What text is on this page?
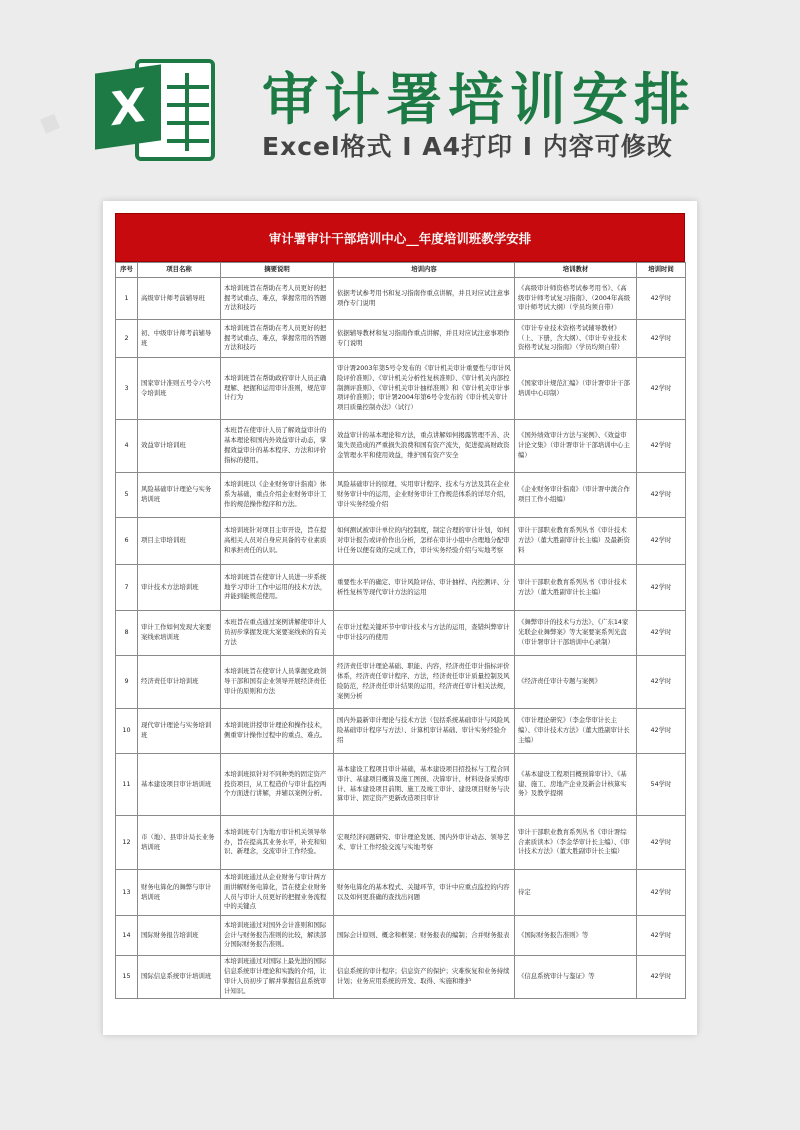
■	X 审计署培训安排
Excel格式 I A4打印 I 内容可修改
审计署审计干部培训中心__年度培训班教学安排
序号	项目名称	摘要说明	培训内容	培训教材	培训时间
1	高级审计师考前辅导班	本培训班旨在帮助在考人员更好的把握考试重点、难点，掌握常用的答题方法和技巧	依据考试参考用书和复习指南作重点讲解，并且对应试注意事项作专门说明	《高级审计师资格考试参考用书》、《高级审计师考试复习指南》、（2004年高级审计师考试大纲）（学员均须自带）	42学时
2	初、中级审计师考前辅导班	本培训班旨在帮助在考人员更好的把握考试重点、难点，掌握常用的答题方法和技巧	依据辅导教材和复习指南作重点讲解，并且对应试注意事项作专门说明	《审计专业技术资格考试辅导教材》（上、下册，含大纲）、《审计专业技术资格考试复习指南》（学员均须自带）	42学时
3	国家审计准则五号令六号令培训班	本培训班旨在帮助政府审计人员正确理解、把握和运用审计准则，规范审计行为	审计署2003年第5号令发布的《审计机关审计重要性与审计风险评价准则》、《审计机关分析性复核准则》、《审计机关内部控制测评准则》、《审计机关审计抽样准则》和《审计机关审计事项评价准则》；审计署2004年第6号令发布的《审计机关审计项目质量控制办法》（试行）	《国家审计规范汇编》（审计署审计干部培训中心印制）	42学时
4	效益审计培训班	本班旨在使审计人员了解效益审计的基本理论和国内外效益审计动态，掌握效益审计的基本程序、方法和评价指标的使用。	效益审计的基本理论和方法，重点讲解如何揭露管理不善、决策失误造成的严重损失浪费和国有资产流失，促进提高财政资金管理水平和使用效益，维护国有资产安全	《国外绩效审计方法与案例》、《效益审计论文集》（审计署审计干部培训中心主编）	42学时
5	风险基础审计理论与实务培训班	本培训班以《企业财务审计指南》体系为基础，重点介绍企业财务审计工作的规范操作程序和方法。	风险基础审计的原理、实用审计程序、技术与方法及其在企业财务审计中的运用，企业财务审计工作规范体系的详尽介绍，审计实务经验介绍	《企业财务审计指南》（审计署中澳合作项目工作小组编）	42学时
6	项目主审培训班	本培训班针对项目主审开设，旨在提高相关人员对自身应具备的专业素质和承担责任的认识。	如何测试被审计单位的内控制度，制定合理的审计计划，如何对审计报告或评价作出分析，怎样在审计小组中合理地分配审计任务以便有效的完成工作，审计实务经验介绍与实地考察	审计干部职业教育系列丛书《审计技术方法》（董大胜副审计长主编）及最新资料	42学时
7	审计技术方法培训班	本培训班旨在使审计人员进一步系统地学习审计工作中运用的技术方法，并能到能规范使用。	重要性水平的确定、审计风险评估、审计抽样、内控测评、分析性复核等现代审计方法的运用	审计干部职业教育系列丛书《审计技术方法》（董大胜副审计长主编）	42学时
8	审计工作如何发现大案要案线索培训班	本班旨在重点通过案例讲解使审计人员初步掌握发现大案要案线索的有关方法	在审计过程关键环节中审计技术与方法的运用，查错纠弊审计中审计技巧的使用	《舞弊审计的技术与方法》、《广东14家光联企业舞弊案》等大案要案系列光盘（审计署审计干部培训中心录制）	42学时
9	经济责任审计培训班	本培训班旨在使审计人员掌握党政领导干部和国有企业领导开展经济责任审计的原则和方法	经济责任审计理论基础、职能、内容，经济责任审计指标评价体系，经济责任审计程序、方法，经济责任审计质量控制及风险防范，经济责任审计结果的运用，经济责任审计相关法规，案例分析	《经济责任审计专题与案例》	42学时
10	现代审计理论与实务培训班	本培训班讲授审计理论和操作技术，侧重审计操作过程中的重点、难点。	国内外最新审计理论与技术方法（包括系统基础审计与风险风险基础审计程序与方法）、计算机审计基础、审计实务经验介绍	《审计理论研究》（李金华审计长主编）、《审计技术方法》（董大胜副审计长主编）	42学时
11	基本建设项目审计培训班	本培训班拟针对不同种类的固定资产投资项目，从工程造价与审计监控两个方面进行讲解，并辅以案例分析。	基本建设工程项目审计基础，基本建设项目招投标与工程合同审计、基建项目概算及施工图预、决算审计、材料设备采购审计、基本建设项目前期、施工及竣工审计、建设项目财务与决算审计、固定资产更新改造项目审计	《基本建设工程项目概预算审计》、《基建、施工、房地产企业及新会计核算实务》及教学提纲	54学时
12	市（地）、县审计局长业务培训班	本培训班专门为地方审计机关领导举办，旨在提高其业务水平，补充和知识、新理念，交流审计工作经验。	宏观经济问题研究、审计理论发展、国内外审计动态、领导艺术、审计工作经验交流与实地考察	审计干部职业教育系列丛书《审计署综合素质读本》（李金华审计长主编）、《审计技术方法》（董大胜副审计长主编）	42学时
13	财务电算化的舞弊与审计培训班	本培训班通过从企业财务与审计两方面讲解财务电算化，旨在使企业财务人员与审计人员更好的把握业务流程中的关键点	财务电算化的基本程式、关键环节，审计中应重点监控的内容以及如何更准确的查找出问题	待定	42学时
14	国际财务报告培训班	本培训班通过对国外会计准则和国际会计与财务报告准则的比较，解读部分国际财务报告准则。	国际会计原则、概念和框架；财务报表的编制；合并财务报表	《国际财务报告准则》等	42学时
15	国际信息系统审计培训班	本培训班通过对国际上最先进的国际信息系统审计理论和实践的介绍，让审计人员初步了解并掌握信息系统审计知识。	信息系统的审计程序；信息资产的保护；灾难恢复和业务持续计划；业务应用系统的开发、取得、实施和维护	《信息系统审计与鉴证》等	42学时
